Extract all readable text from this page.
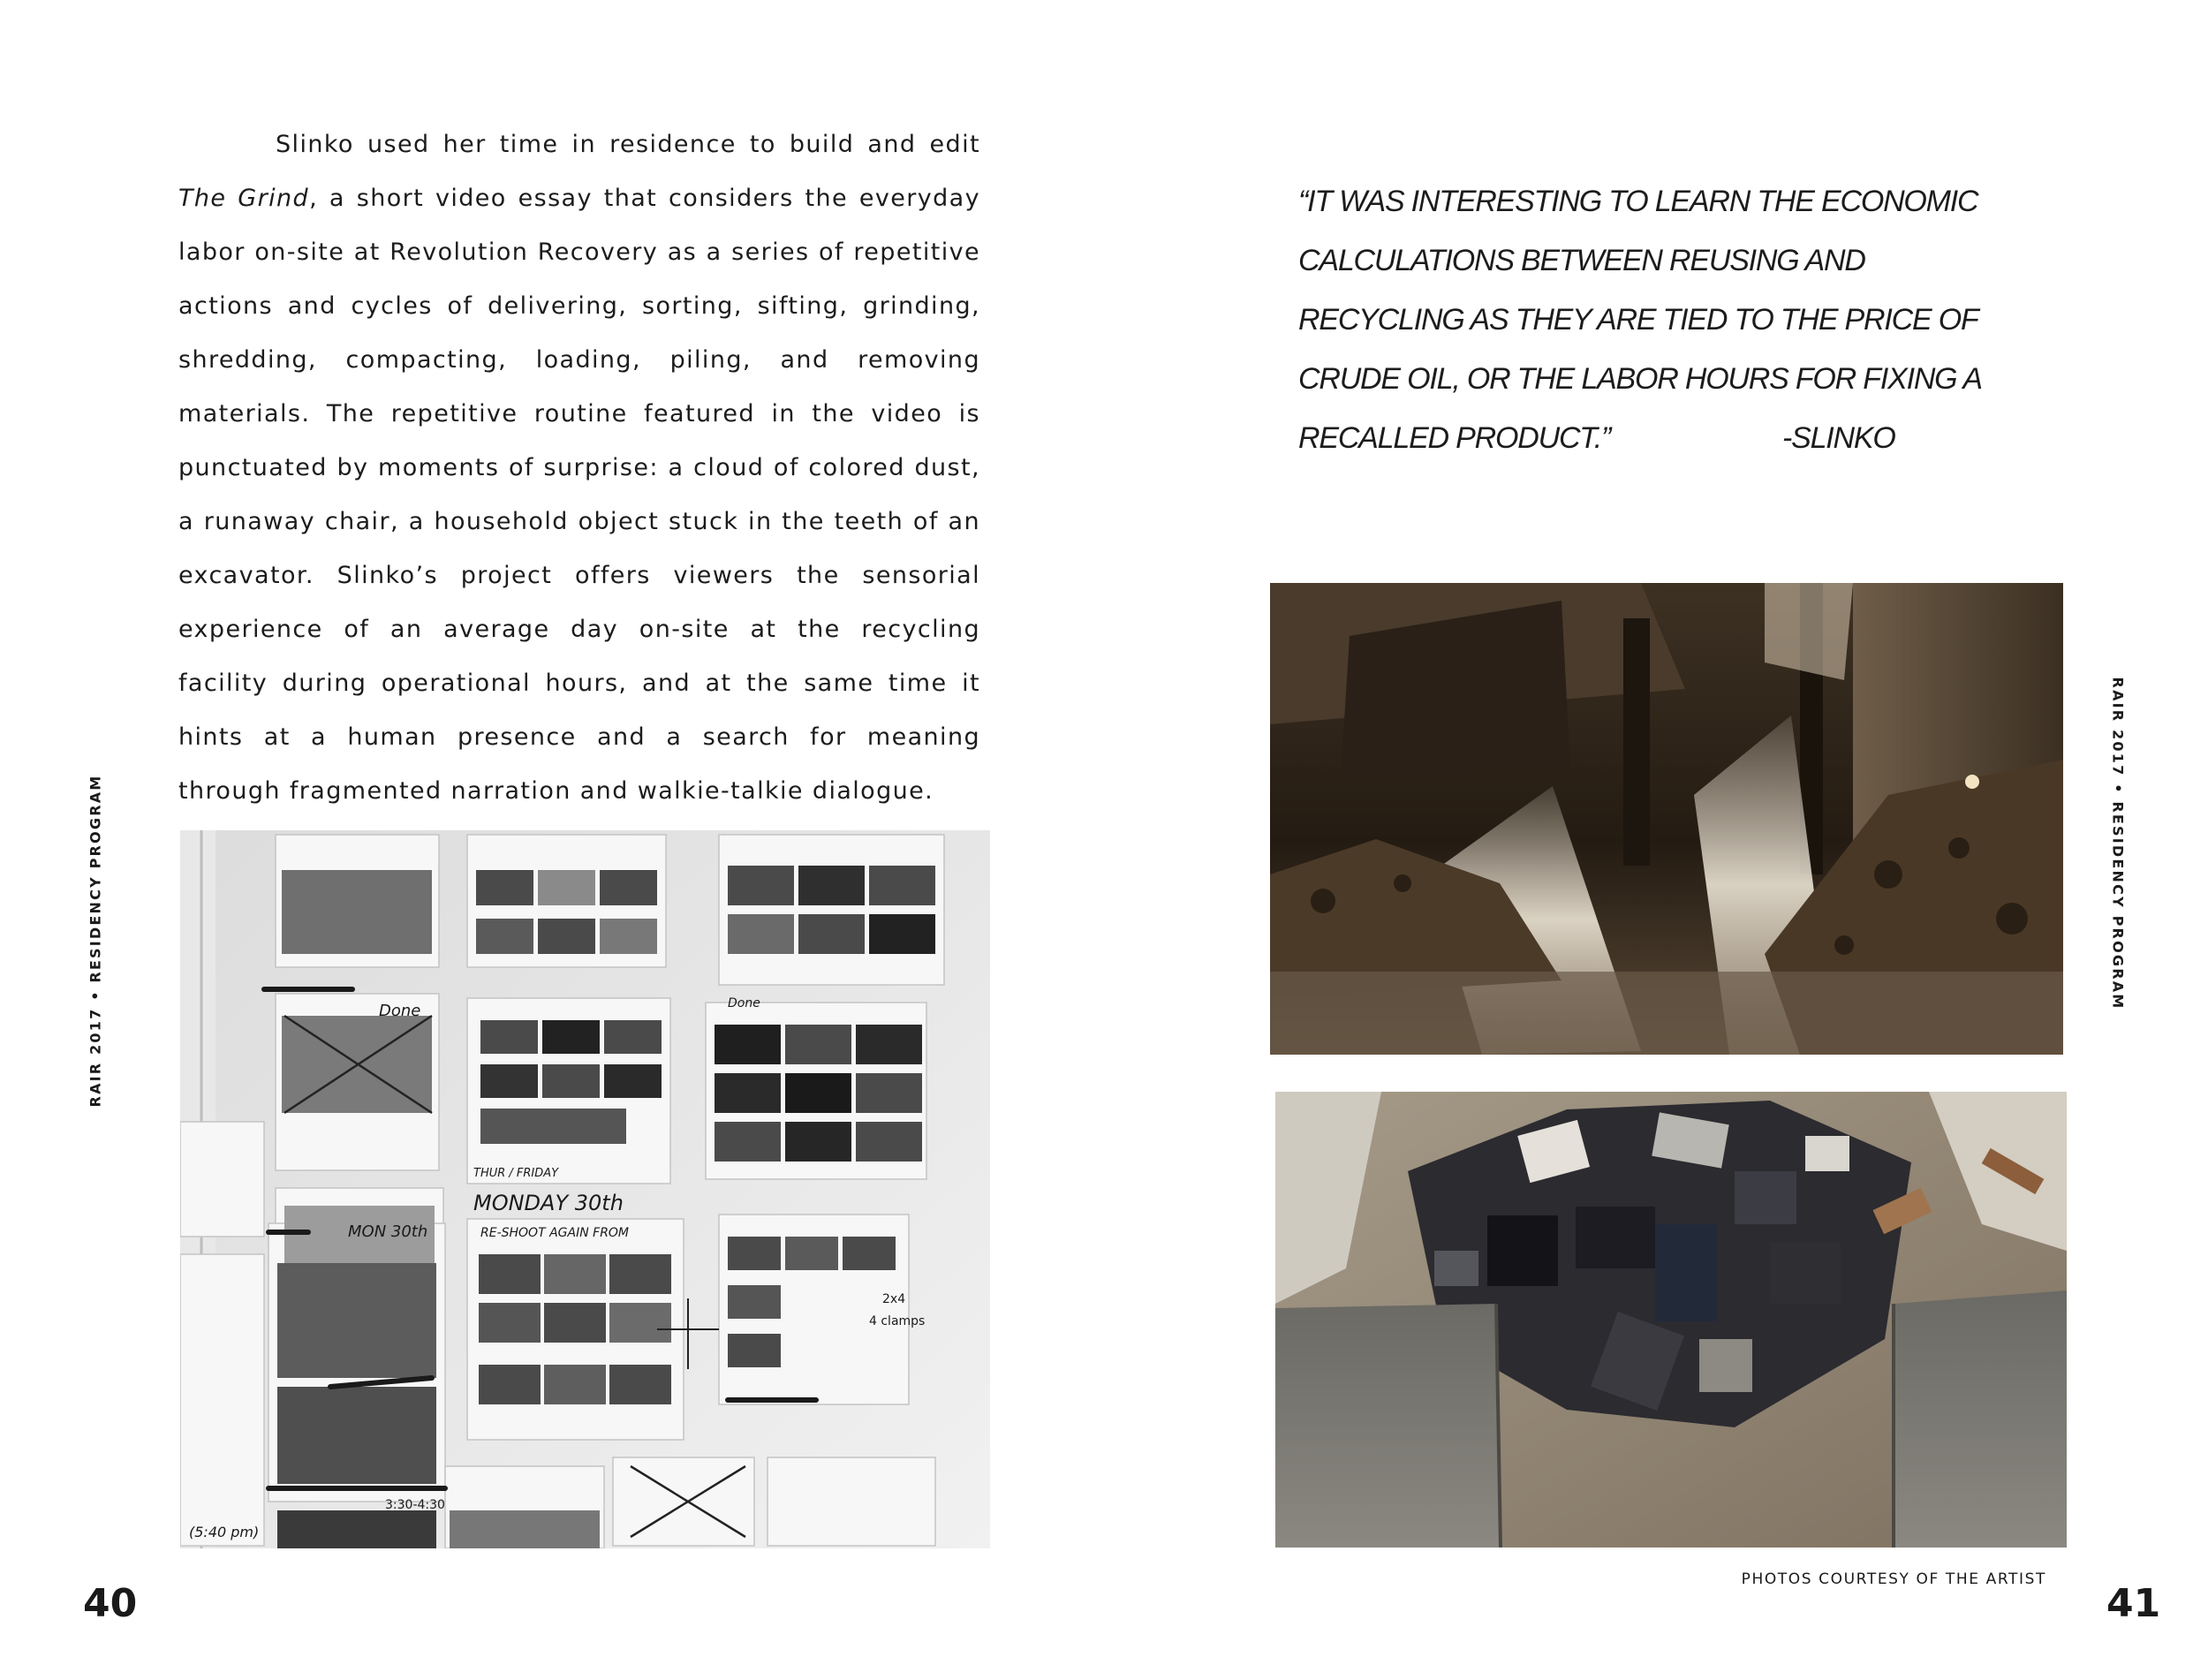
RAIR 2017 • RESIDENCY PROGRAM
Slinko used her time in residence to build and edit The Grind, a short video essay that considers the everyday labor on-site at Revolution Recovery as a series of repetitive actions and cycles of delivering, sorting, sifting, grinding, shredding, compacting, loading, piling, and removing materials. The repetitive routine featured in the video is punctuated by moments of surprise: a cloud of colored dust, a runaway chair, a household object stuck in the teeth of an excavator. Slinko’s project offers viewers the sensorial experience of an average day on-site at the recycling facility during operational hours, and at the same time it hints at a human presence and a search for meaning through fragmented narration and walkie-talkie dialogue.
Done	Done
THUR / FRIDAY
MONDAY 30th
RE-SHOOT AGAIN FROM
MON 30th
2x4
4 clamps
3:30-4:30
(5:40 pm)
40
“IT WAS INTERESTING TO LEARN THE ECONOMIC
CALCULATIONS BETWEEN REUSING AND
RECYCLING AS THEY ARE TIED TO THE PRICE OF
CRUDE OIL, OR THE LABOR HOURS FOR FIXING A
RECALLED PRODUCT.”	-SLINKO
PHOTOS COURTESY OF THE ARTIST
41
RAIR 2017 • RESIDENCY PROGRAM
